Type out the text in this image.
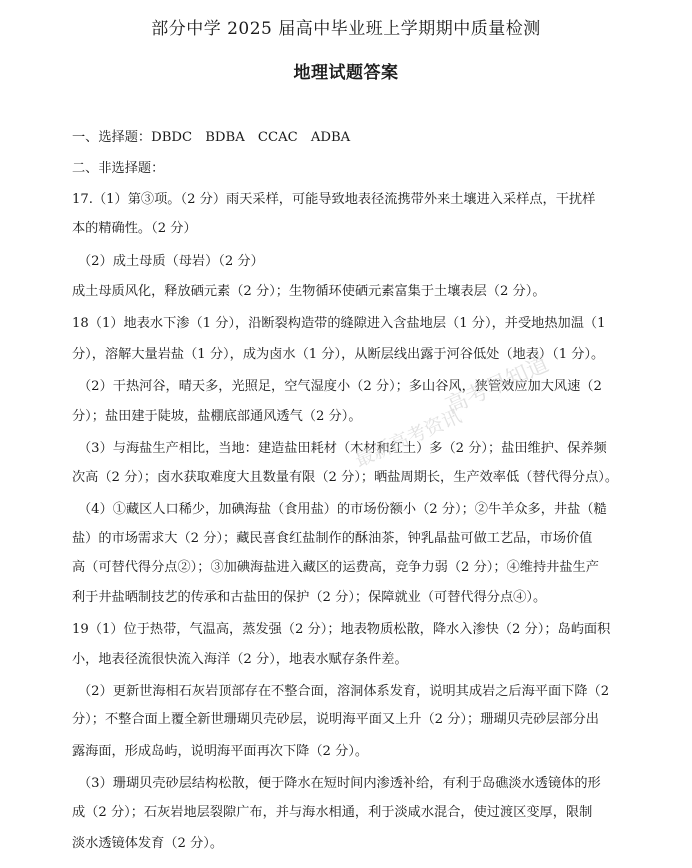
部分中学 2025 届高中毕业班上学期期中质量检测
地理试题答案
一、选择题：DBDC　BDBA　CCAC　ADBA
二、非选择题：
17.（1）第③项。（2 分）雨天采样，可能导致地表径流携带外来土壤进入采样点，干扰样
本的精确性。（2 分）
（2）成土母质（母岩）（2 分）
成土母质风化，释放硒元素（2 分）；生物循环使硒元素富集于土壤表层（2 分）。
18（1）地表水下渗（1 分），沿断裂构造带的缝隙进入含盐地层（1 分），并受地热加温（1
分），溶解大量岩盐（1 分），成为卤水（1 分），从断层线出露于河谷低处（地表）（1 分）。
（2）干热河谷，晴天多，光照足，空气湿度小（2 分）；多山谷风，狭管效应加大风速（2
分）；盐田建于陡坡，盐棚底部通风透气（2 分）。
（3）与海盐生产相比，当地：建造盐田耗材（木材和红土）多（2 分）；盐田维护、保养频
次高（2 分）；卤水获取难度大且数量有限（2 分）；晒盐周期长，生产效率低（替代得分点）。
（4）①藏区人口稀少，加碘海盐（食用盐）的市场份额小（2 分）；②牛羊众多，井盐（糙
盐）的市场需求大（2 分）；藏民喜食红盐制作的酥油茶，钟乳晶盐可做工艺品，市场价值
高（可替代得分点②）；③加碘海盐进入藏区的运费高，竞争力弱（2 分）；④维持井盐生产
利于井盐晒制技艺的传承和古盐田的保护（2 分）；保障就业（可替代得分点④）。
19（1）位于热带，气温高，蒸发强（2 分）；地表物质松散，降水入渗快（2 分）；岛屿面积
小，地表径流很快流入海洋（2 分），地表水赋存条件差。
（2）更新世海相石灰岩顶部存在不整合面，溶洞体系发育，说明其成岩之后海平面下降（2
分）；不整合面上覆全新世珊瑚贝壳砂层，说明海平面又上升（2 分）；珊瑚贝壳砂层部分出
露海面，形成岛屿，说明海平面再次下降（2 分）。
（3）珊瑚贝壳砂层结构松散，便于降水在短时间内渗透补给，有利于岛礁淡水透镜体的形
成（2 分）；石灰岩地层裂隙广布，并与海水相通，利于淡咸水混合，使过渡区变厚，限制
淡水透镜体发育（2 分）。
高考早知道
最新高考资讯
